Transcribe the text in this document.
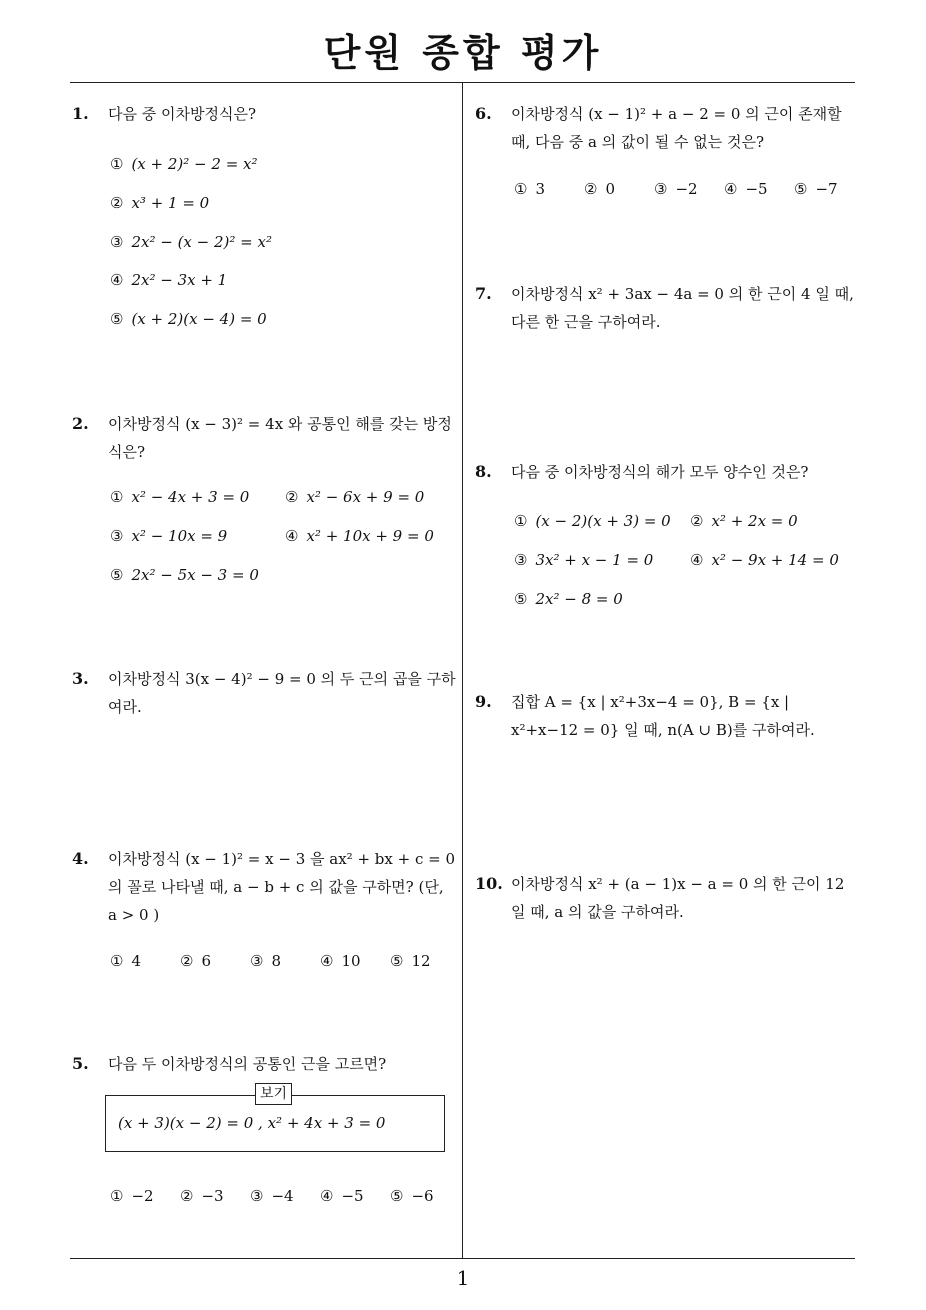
단원 종합 평가
1
1. 다음 중 이차방정식은?
① (x + 2)² − 2 = x²
② x³ + 1 = 0
③ 2x² − (x − 2)² = x²
④ 2x² − 3x + 1
⑤ (x + 2)(x − 4) = 0
2. 이차방정식 (x − 3)² = 4x 와 공통인 해를 갖는 방정식은?
① x² − 4x + 3 = 0 ② x² − 6x + 9 = 0
③ x² − 10x = 9	④ x² + 10x + 9 = 0
⑤ 2x² − 5x − 3 = 0
3. 이차방정식 3(x − 4)² − 9 = 0 의 두 근의 곱을 구하여라.
4. 이차방정식 (x − 1)² = x − 3 을 ax² + bx + c = 0 의 꼴로 나타낼 때, a − b + c 의 값을 구하면? (단, a > 0 )
① 4	② 6	③ 8	④ 10 ⑤ 12
5. 다음 두 이차방정식의 공통인 근을 고르면?
보기
(x + 3)(x − 2) = 0 , x² + 4x + 3 = 0
① −2 ② −3 ③ −4 ④ −5 ⑤ −6
6. 이차방정식 (x − 1)² + a − 2 = 0 의 근이 존재할 때, 다음 중 a 의 값이 될 수 없는 것은?
① 3	② 0	③ −2 ④ −5 ⑤ −7
7. 이차방정식 x² + 3ax − 4a = 0 의 한 근이 4 일 때, 다른 한 근을 구하여라.
8. 다음 중 이차방정식의 해가 모두 양수인 것은?
① (x − 2)(x + 3) = 0 ② x² + 2x = 0
③ 3x² + x − 1 = 0 ④ x² − 9x + 14 = 0
⑤ 2x² − 8 = 0
9. 집합 A = {x | x²+3x−4 = 0}, B = {x | x²+x−12 = 0} 일 때, n(A ∪ B)를 구하여라.
10. 이차방정식 x² + (a − 1)x − a = 0 의 한 근이 12 일 때, a 의 값을 구하여라.
